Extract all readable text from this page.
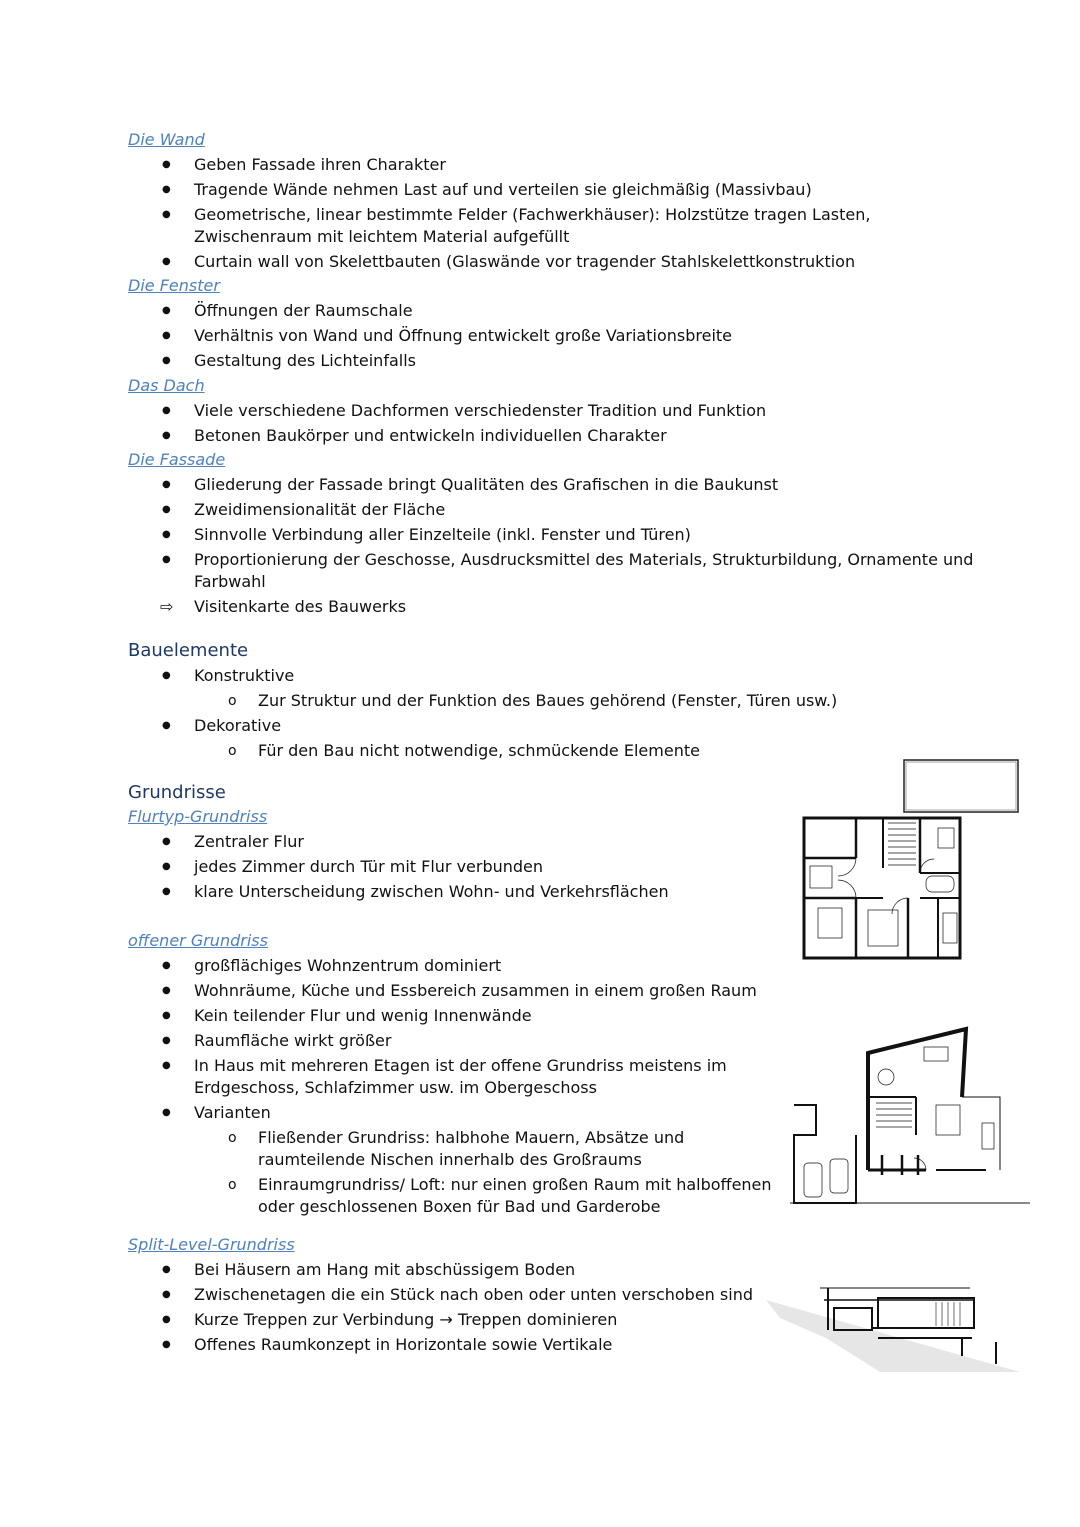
Die Wand

● Geben Fassade ihren Charakter
● Tragende Wände nehmen Last auf und verteilen sie gleichmäßig (Massivbau)
● Geometrische, linear bestimmte Felder (Fachwerkhäuser): Holzstütze tragen Lasten, Zwischenraum mit leichtem Material aufgefüllt
● Curtain wall von Skelettbauten (Glaswände vor tragender Stahlskelettkonstruktion

Die Fenster

● Öffnungen der Raumschale
● Verhältnis von Wand und Öffnung entwickelt große Variationsbreite
● Gestaltung des Lichteinfalls

Das Dach

● Viele verschiedene Dachformen verschiedenster Tradition und Funktion
● Betonen Baukörper und entwickeln individuellen Charakter

Die Fassade

● Gliederung der Fassade bringt Qualitäten des Grafischen in die Baukunst
● Zweidimensionalität der Fläche
● Sinnvolle Verbindung aller Einzelteile (inkl. Fenster und Türen)
● Proportionierung der Geschosse, Ausdrucksmittel des Materials, Strukturbildung, Ornamente und Farbwahl
⇨ Visitenkarte des Bauwerks

Bauelemente

● Konstruktive
o Zur Struktur und der Funktion des Baues gehörend (Fenster, Türen usw.)
● Dekorative
o Für den Bau nicht notwendige, schmückende Elemente

Grundrisse

Flurtyp-Grundriss

● Zentraler Flur
● jedes Zimmer durch Tür mit Flur verbunden
● klare Unterscheidung zwischen Wohn- und Verkehrsflächen

offener Grundriss

● großflächiges Wohnzentrum dominiert
● Wohnräume, Küche und Essbereich zusammen in einem großen Raum
● Kein teilender Flur und wenig Innenwände
● Raumfläche wirkt größer
● In Haus mit mehreren Etagen ist der offene Grundriss meistens im Erdgeschoss, Schlafzimmer usw. im Obergeschoss
● Varianten
o Fließender Grundriss: halbhohe Mauern, Absätze und raumteilende Nischen innerhalb des Großraums
o Einraumgrundriss/ Loft: nur einen großen Raum mit halboffenen oder geschlossenen Boxen für Bad und Garderobe

Split-Level-Grundriss

● Bei Häusern am Hang mit abschüssigem Boden
● Zwischenetagen die ein Stück nach oben oder unten verschoben sind
● Kurze Treppen zur Verbindung → Treppen dominieren
● Offenes Raumkonzept in Horizontale sowie Vertikale
